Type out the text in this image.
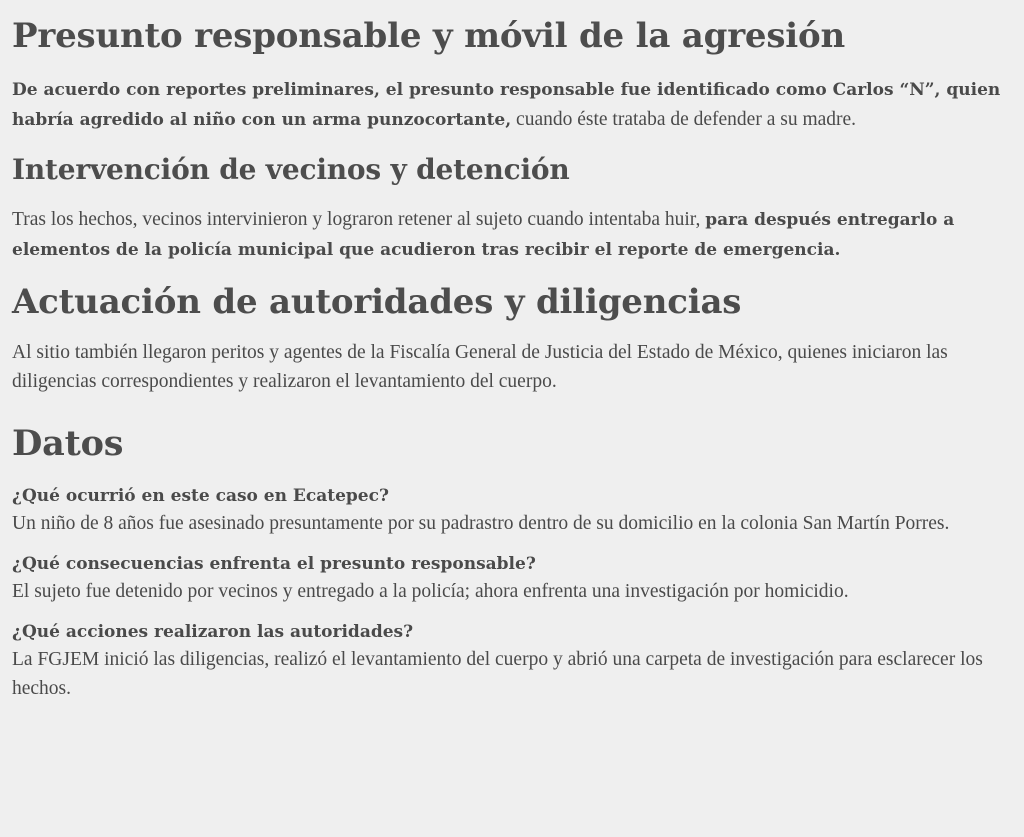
Presunto responsable y móvil de la agresión

De acuerdo con reportes preliminares, el presunto responsable fue identificado como Carlos “N”, quien habría agredido al niño con un arma punzocortante, cuando éste trataba de defender a su madre.

Intervención de vecinos y detención

Tras los hechos, vecinos intervinieron y lograron retener al sujeto cuando intentaba huir, para después entregarlo a elementos de la policía municipal que acudieron tras recibir el reporte de emergencia.

Actuación de autoridades y diligencias

Al sitio también llegaron peritos y agentes de la Fiscalía General de Justicia del Estado de México, quienes iniciaron las diligencias correspondientes y realizaron el levantamiento del cuerpo.

Datos
¿Qué ocurrió en este caso en Ecatepec?

Un niño de 8 años fue asesinado presuntamente por su padrastro dentro de su domicilio en la colonia San Martín Porres.

¿Qué consecuencias enfrenta el presunto responsable?

El sujeto fue detenido por vecinos y entregado a la policía; ahora enfrenta una investigación por homicidio.

¿Qué acciones realizaron las autoridades?

La FGJEM inició las diligencias, realizó el levantamiento del cuerpo y abrió una carpeta de investigación para esclarecer los hechos.
